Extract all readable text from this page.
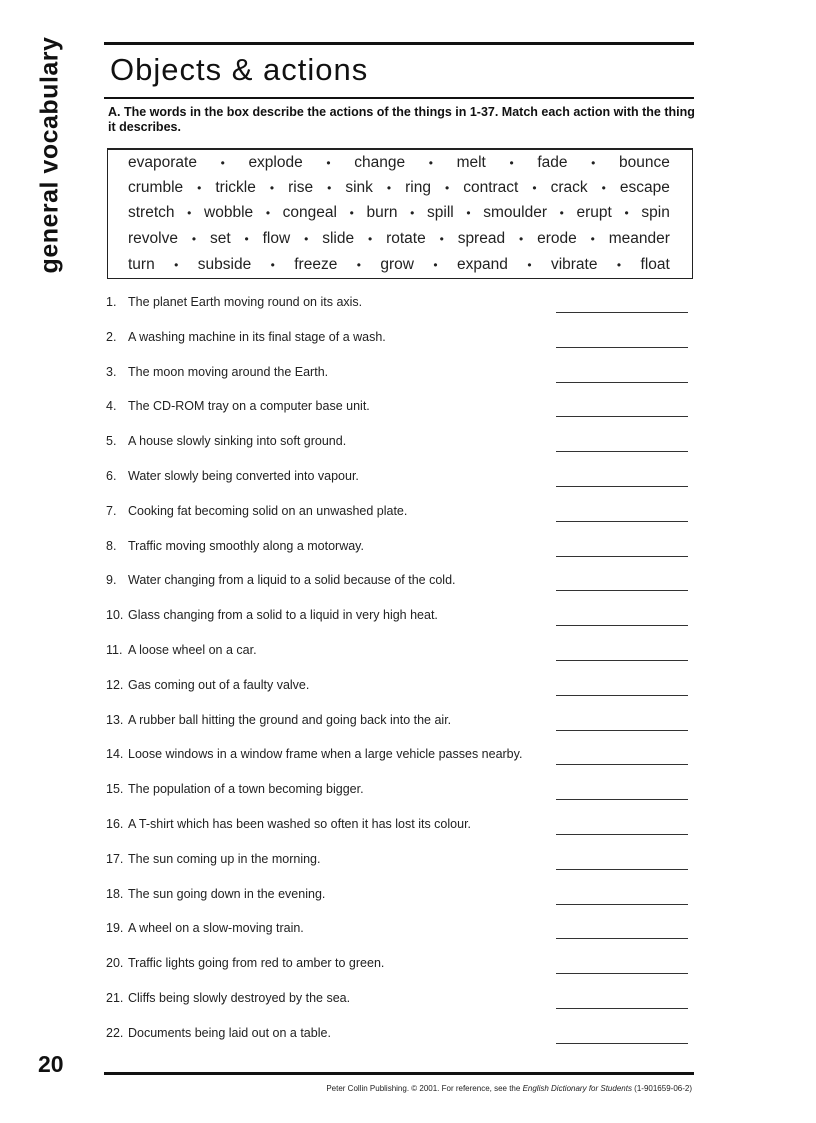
general vocabulary Objects & actions
A. The words in the box describe the actions of the things in 1-37. Match each action with the thing it describes.
evaporate • explode • change • melt • fade • bounce
crumble • trickle • rise • sink • ring • contract • crack • escape
stretch • wobble • congeal • burn • spill • smoulder • erupt • spin
revolve • set • flow • slide • rotate • spread • erode • meander
turn • subside • freeze • grow • expand • vibrate • float
1. The planet Earth moving round on its axis.
2. A washing machine in its final stage of a wash.
3. The moon moving around the Earth.
4. The CD-ROM tray on a computer base unit.
5. A house slowly sinking into soft ground.
6. Water slowly being converted into vapour.
7. Cooking fat becoming solid on an unwashed plate.
8. Traffic moving smoothly along a motorway.
9. Water changing from a liquid to a solid because of the cold.
10. Glass changing from a solid to a liquid in very high heat.
11. A loose wheel on a car.
12. Gas coming out of a faulty valve.
13. A rubber ball hitting the ground and going back into the air.
14. Loose windows in a window frame when a large vehicle passes nearby.
15. The population of a town becoming bigger.
16. A T-shirt which has been washed so often it has lost its colour.
17. The sun coming up in the morning.
18. The sun going down in the evening.
19. A wheel on a slow-moving train.
20. Traffic lights going from red to amber to green.
21. Cliffs being slowly destroyed by the sea.
22. Documents being laid out on a table.
20
Peter Collin Publishing. © 2001. For reference, see the English Dictionary for Students (1-901659-06-2)
